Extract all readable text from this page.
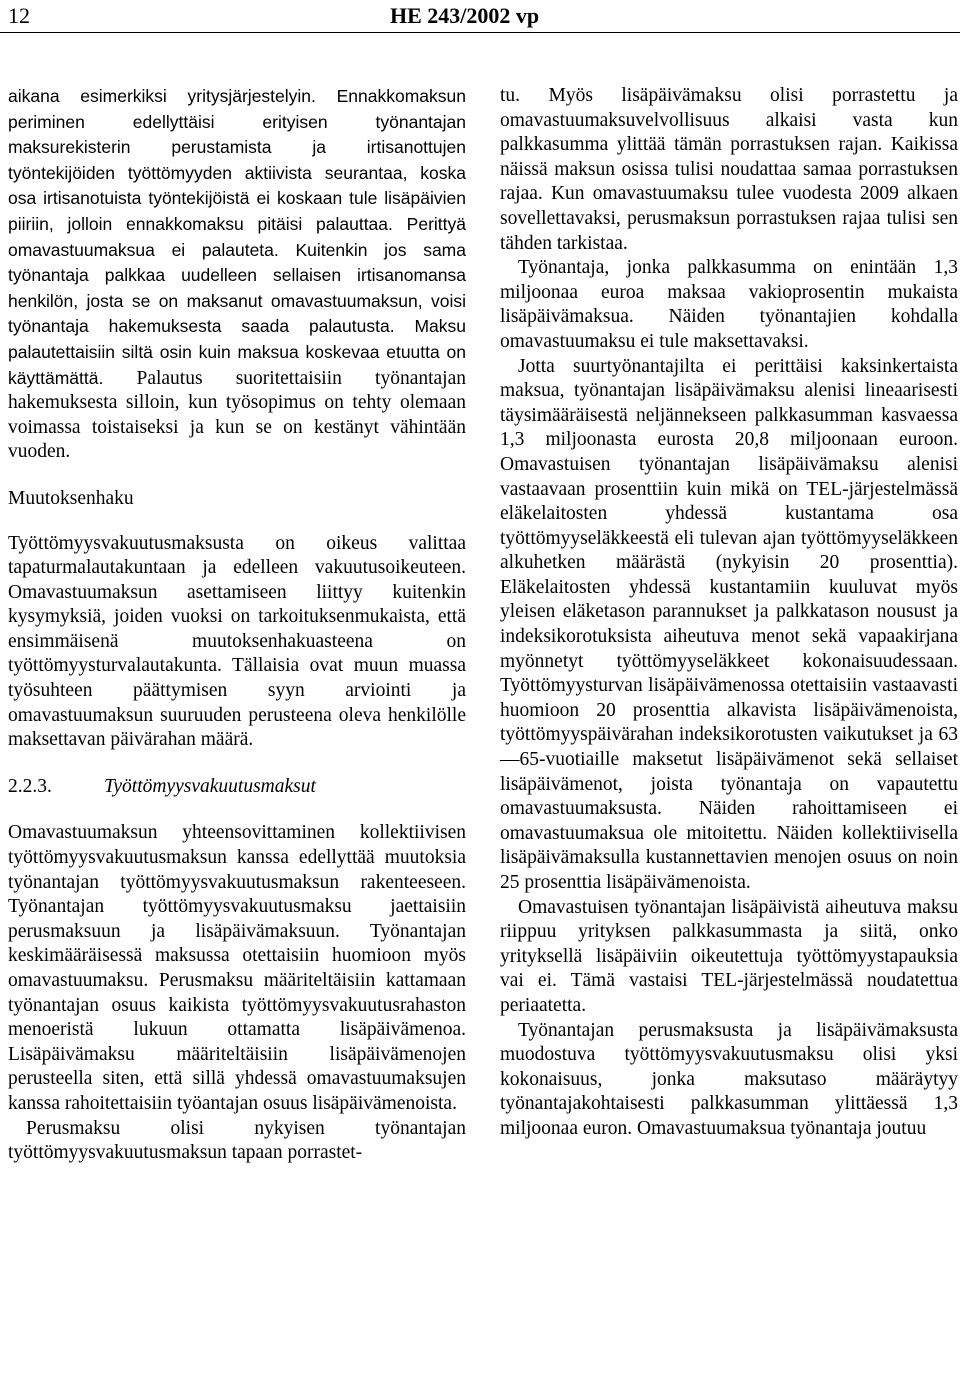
12	HE 243/2002 vp

aikana esimerkiksi yritysjärjestelyin. Ennakkomaksun periminen edellyttäisi erityisen työnantajan maksurekisterin perustamista ja irtisanottujen työntekijöiden työttömyyden aktiivista seurantaa, koska osa irtisanotuista työntekijöistä ei koskaan tule lisäpäivien piiriin, jolloin ennakkomaksu pitäisi palauttaa. Perittyä omavastuumaksua ei palauteta. Kuitenkin jos sama työnantaja palkkaa uudelleen sellaisen irtisanomansa henkilön, josta se on maksanut omavastuumaksun, voisi työnantaja hakemuksesta saada palautusta. Maksu palautettaisiin siltä osin kuin maksua koskevaa etuutta on käyttämättä. Palautus suoritettaisiin työnantajan hakemuksesta silloin, kun työsopimus on tehty olemaan voimassa toistaiseksi ja kun se on kestänyt vähintään vuoden.

Muutoksenhaku

Työttömyysvakuutusmaksusta on oikeus valittaa tapaturmalautakuntaan ja edelleen vakuutusoikeuteen. Omavastuumaksun asettamiseen liittyy kuitenkin kysymyksiä, joiden vuoksi on tarkoituksenmukaista, että ensimmäisenä muutoksenhakuasteena on työttömyysturvalautakunta. Tällaisia ovat muun muassa työsuhteen päättymisen syyn arviointi ja omavastuumaksun suuruuden perusteena oleva henkilölle maksettavan päivärahan määrä.

2.2.3.	Työttömyysvakuutusmaksut

Omavastuumaksun yhteensovittaminen kollektiivisen työttömyysvakuutusmaksun kanssa edellyttää muutoksia työnantajan työttömyysvakuutusmaksun rakenteeseen. Työnantajan työttömyysvakuutusmaksu jaettaisiin perusmaksuun ja lisäpäivämaksuun. Työnantajan keskimääräisessä maksussa otettaisiin huomioon myös omavastuumaksu. Perusmaksu määriteltäisiin kattamaan työnantajan osuus kaikista työttömyysvakuutusrahaston menoeristä lukuun ottamatta lisäpäivämenoa. Lisäpäivämaksu määriteltäisiin lisäpäivämenojen perusteella siten, että sillä yhdessä omavastuumaksujen kanssa rahoitettaisiin työantajan osuus lisäpäivämenoista.

Perusmaksu olisi nykyisen työnantajan työttömyysvakuutusmaksun tapaan porrastet-

tu. Myös lisäpäivämaksu olisi porrastettu ja omavastuumaksuvelvollisuus alkaisi vasta kun palkkasumma ylittää tämän porrastuksen rajan. Kaikissa näissä maksun osissa tulisi noudattaa samaa porrastuksen rajaa. Kun omavastuumaksu tulee vuodesta 2009 alkaen sovellettavaksi, perusmaksun porrastuksen rajaa tulisi sen tähden tarkistaa.

Työnantaja, jonka palkkasumma on enintään 1,3 miljoonaa euroa maksaa vakioprosentin mukaista lisäpäivämaksua. Näiden työnantajien kohdalla omavastuumaksu ei tule maksettavaksi.

Jotta suurtyönantajilta ei perittäisi kaksinkertaista maksua, työnantajan lisäpäivämaksu alenisi lineaarisesti täysimääräisestä neljännekseen palkkasumman kasvaessa 1,3 miljoonasta eurosta 20,8 miljoonaan euroon. Omavastuisen työnantajan lisäpäivämaksu alenisi vastaavaan prosenttiin kuin mikä on TEL-järjestelmässä eläkelaitosten yhdessä kustantama osa työttömyyseläkkeestä eli tulevan ajan työttömyyseläkkeen alkuhetken määrästä (nykyisin 20 prosenttia). Eläkelaitosten yhdessä kustantamiin kuuluvat myös yleisen eläketason parannukset ja palkkatason nousust ja indeksikorotuksista aiheutuva menot sekä vapaakirjana myönnetyt työttömyyseläkkeet kokonaisuudessaan. Työttömyysturvan lisäpäivämenossa otettaisiin vastaavasti huomioon 20 prosenttia alkavista lisäpäivämenoista, työttömyyspäivärahan indeksikorotusten vaikutukset ja 63—65-vuotiaille maksetut lisäpäivämenot sekä sellaiset lisäpäivämenot, joista työnantaja on vapautettu omavastuumaksusta. Näiden rahoittamiseen ei omavastuumaksua ole mitoitettu. Näiden kollektiivisella lisäpäivämaksulla kustannettavien menojen osuus on noin 25 prosenttia lisäpäivämenoista.

Omavastuisen työnantajan lisäpäivistä aiheutuva maksu riippuu yrityksen palkkasummasta ja siitä, onko yrityksellä lisäpäiviin oikeutettuja työttömyystapauksia vai ei. Tämä vastaisi TEL-järjestelmässä noudatettua periaatetta.

Työnantajan perusmaksusta ja lisäpäivämaksusta muodostuva työttömyysvakuutusmaksu olisi yksi kokonaisuus, jonka maksutaso määräytyy työnantajakohtaisesti palkkasumman ylittäessä 1,3 miljoonaa euron. Omavastuumaksua työnantaja joutuu
